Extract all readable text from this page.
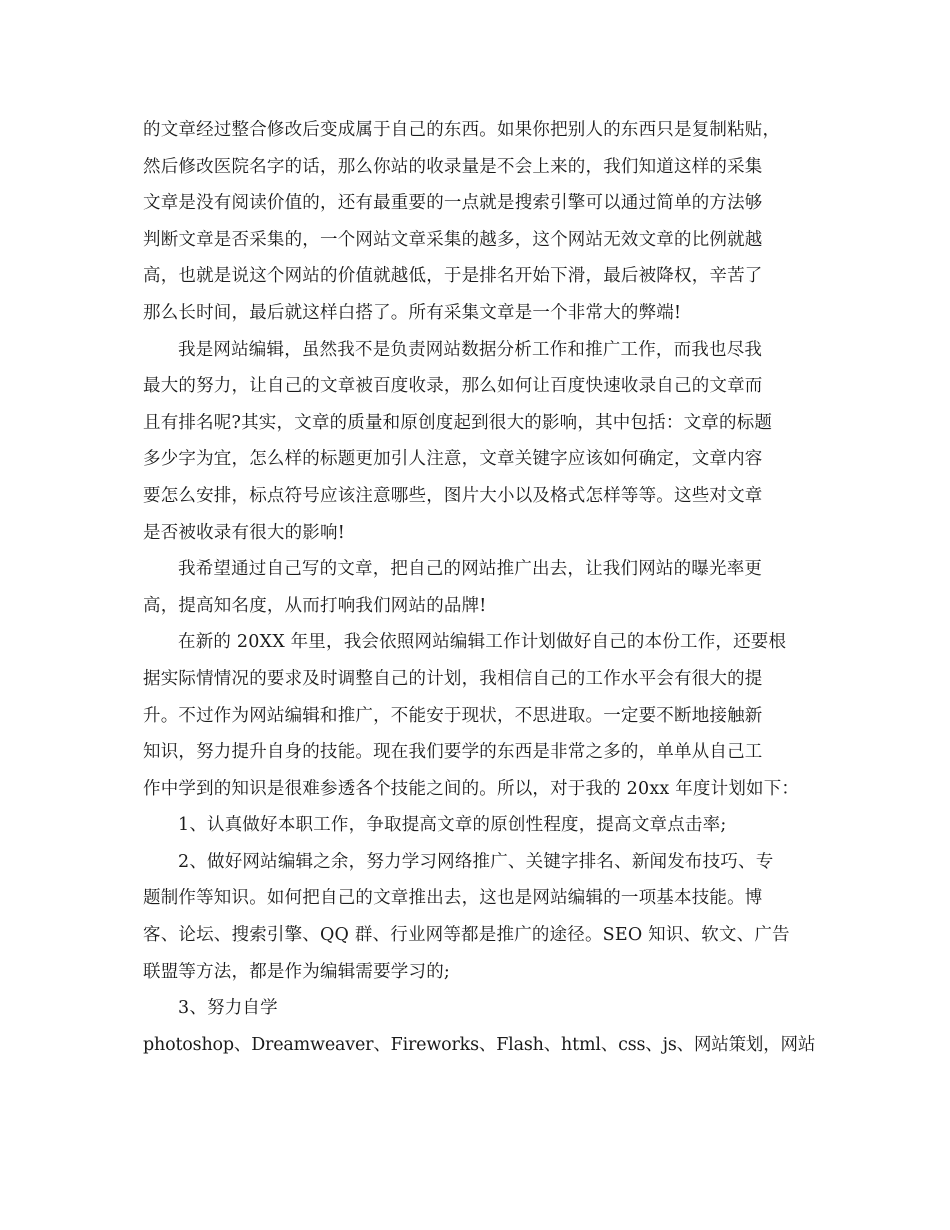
的文章经过整合修改后变成属于自己的东西。如果你把别人的东西只是复制粘贴，
然后修改医院名字的话，那么你站的收录量是不会上来的，我们知道这样的采集
文章是没有阅读价值的，还有最重要的一点就是搜索引擎可以通过简单的方法够
判断文章是否采集的，一个网站文章采集的越多，这个网站无效文章的比例就越
高，也就是说这个网站的价值就越低，于是排名开始下滑，最后被降权，辛苦了
那么长时间，最后就这样白搭了。所有采集文章是一个非常大的弊端!

我是网站编辑，虽然我不是负责网站数据分析工作和推广工作，而我也尽我
最大的努力，让自己的文章被百度收录，那么如何让百度快速收录自己的文章而
且有排名呢?其实，文章的质量和原创度起到很大的影响，其中包括：文章的标题
多少字为宜，怎么样的标题更加引人注意，文章关键字应该如何确定，文章内容
要怎么安排，标点符号应该注意哪些，图片大小以及格式怎样等等。这些对文章
是否被收录有很大的影响!

我希望通过自己写的文章，把自己的网站推广出去，让我们网站的曝光率更
高，提高知名度，从而打响我们网站的品牌!

在新的 20XX 年里，我会依照网站编辑工作计划做好自己的本份工作，还要根
据实际情情况的要求及时调整自己的计划，我相信自己的工作水平会有很大的提
升。不过作为网站编辑和推广，不能安于现状，不思进取。一定要不断地接触新
知识，努力提升自身的技能。现在我们要学的东西是非常之多的，单单从自己工
作中学到的知识是很难参透各个技能之间的。所以，对于我的 20xx 年度计划如下：

1、认真做好本职工作，争取提高文章的原创性程度，提高文章点击率;

2、做好网站编辑之余，努力学习网络推广、关键字排名、新闻发布技巧、专
题制作等知识。如何把自己的文章推出去，这也是网站编辑的一项基本技能。博
客、论坛、搜索引擎、QQ 群、行业网等都是推广的途径。SEO 知识、软文、广告
联盟等方法，都是作为编辑需要学习的;

3、努力自学

photoshop、Dreamweaver、Fireworks、Flash、html、css、js、网站策划，网站
